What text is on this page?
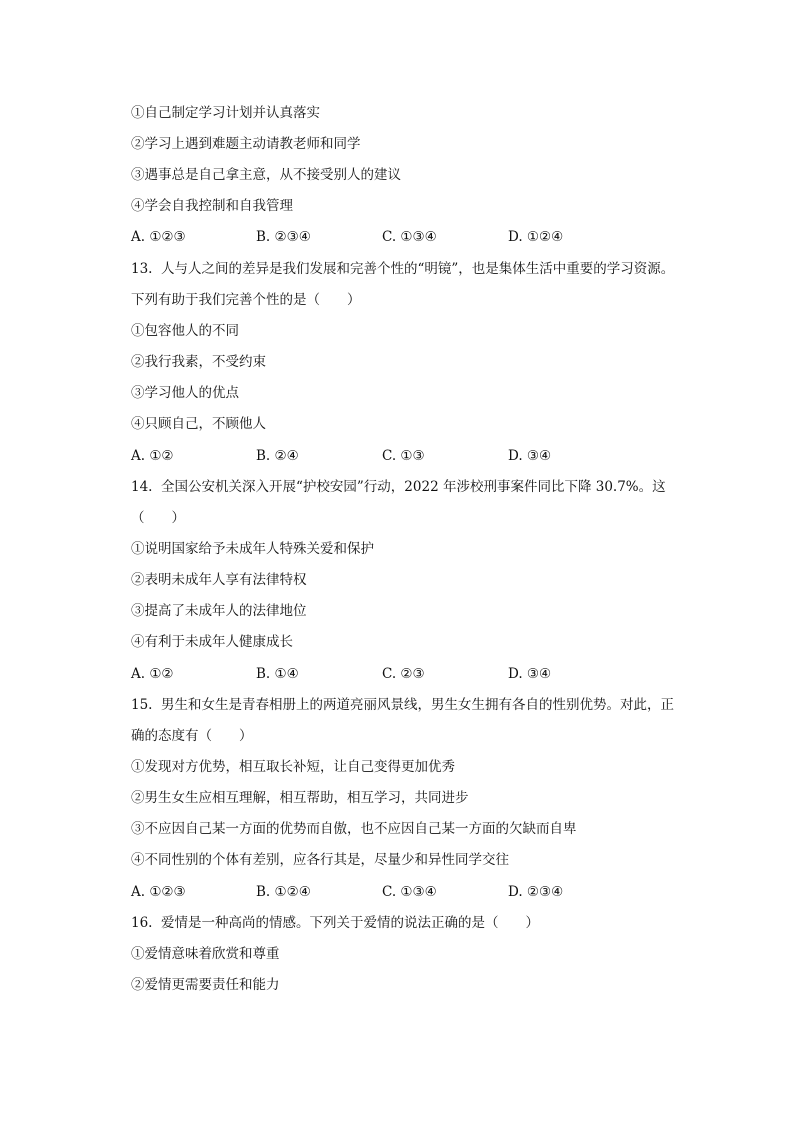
①自己制定学习计划并认真落实
②学习上遇到难题主动请教老师和同学
③遇事总是自己拿主意，从不接受别人的建议
④学会自我控制和自我管理
A. ①②③	B. ②③④	C. ①③④	D. ①②④
13. 人与人之间的差异是我们发展和完善个性的“明镜”，也是集体生活中重要的学习资源。
下列有助于我们完善个性的是（　　）
①包容他人的不同
②我行我素，不受约束
③学习他人的优点
④只顾自己，不顾他人
A. ①②	B. ②④	C. ①③	D. ③④
14. 全国公安机关深入开展“护校安园”行动，2022 年涉校刑事案件同比下降 30.7%。这
（　　）
①说明国家给予未成年人特殊关爱和保护
②表明未成年人享有法律特权
③提高了未成年人的法律地位
④有利于未成年人健康成长
A. ①②	B. ①④	C. ②③	D. ③④
15. 男生和女生是青春相册上的两道亮丽风景线，男生女生拥有各自的性别优势。对此，正
确的态度有（　　）
①发现对方优势，相互取长补短，让自己变得更加优秀
②男生女生应相互理解，相互帮助，相互学习，共同进步
③不应因自己某一方面的优势而自傲，也不应因自己某一方面的欠缺而自卑
④不同性别的个体有差别，应各行其是，尽量少和异性同学交往
A. ①②③	B. ①②④	C. ①③④	D. ②③④
16. 爱情是一种高尚的情感。下列关于爱情的说法正确的是（　　）
①爱情意味着欣赏和尊重
②爱情更需要责任和能力
